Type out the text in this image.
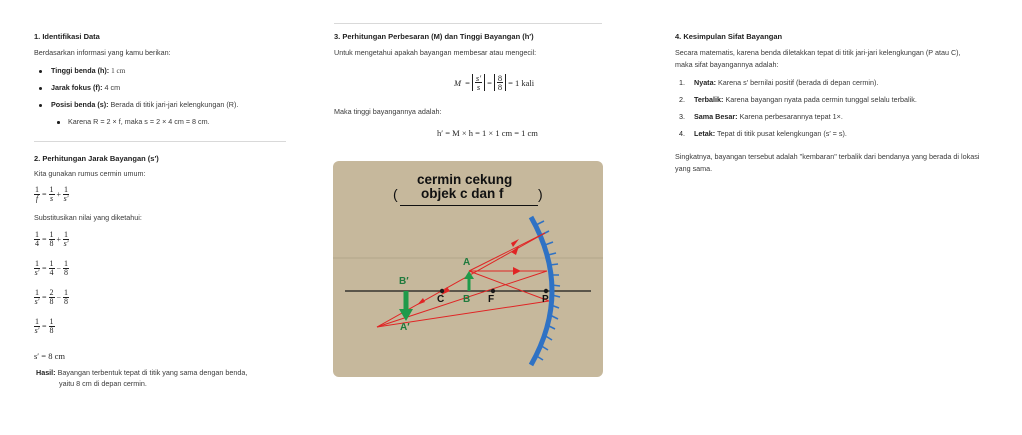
1. Identifikasi Data
Berdasarkan informasi yang kamu berikan:
Tinggi benda (h): 1 cm
Jarak fokus (f): 4 cm
Posisi benda (s): Berada di titik jari-jari kelengkungan (R).
Karena R = 2 × f, maka s = 2 × 4 cm = 8 cm.
2. Perhitungan Jarak Bayangan (s′)
Kita gunakan rumus cermin umum:
$\frac{1}{f} = \frac{1}{s} + \frac{1}{s'}$
Substitusikan nilai yang diketahui:
$\frac{1}{4} = \frac{1}{8} + \frac{1}{s'}$
$\frac{1}{s'} = \frac{1}{4} - \frac{1}{8}$
$\frac{1}{s'} = \frac{2}{8} - \frac{1}{8}$
$\frac{1}{s'} = \frac{1}{8}$
s′ = 8 cm
Hasil: Bayangan terbentuk tepat di titik yang sama dengan benda,
yaitu 8 cm di depan cermin.
3. Perhitungan Perbesaran (M) dan Tinggi Bayangan (h′)
Untuk mengetahui apakah bayangan membesar atau mengecil:
$M = \frac{s'}{s} = \frac{8}{8} = 1$ kali
Maka tinggi bayangannya adalah:
h′ = M × h = 1 × 1 cm = 1 cm
cermin cekung
( objek c dan f )
A
B
B′
A′
C	F	P
4. Kesimpulan Sifat Bayangan
Secara matematis, karena benda diletakkan tepat di titik jari-jari kelengkungan (P atau C),
maka sifat bayangannya adalah:
1. Nyata: Karena s′ bernilai positif (berada di depan cermin).
2. Terbalik: Karena bayangan nyata pada cermin tunggal selalu terbalik.
3. Sama Besar: Karena perbesarannya tepat 1×.
4. Letak: Tepat di titik pusat kelengkungan (s′ = s).
Singkatnya, bayangan tersebut adalah "kembaran" terbalik dari bendanya yang berada di lokasi
yang sama.
